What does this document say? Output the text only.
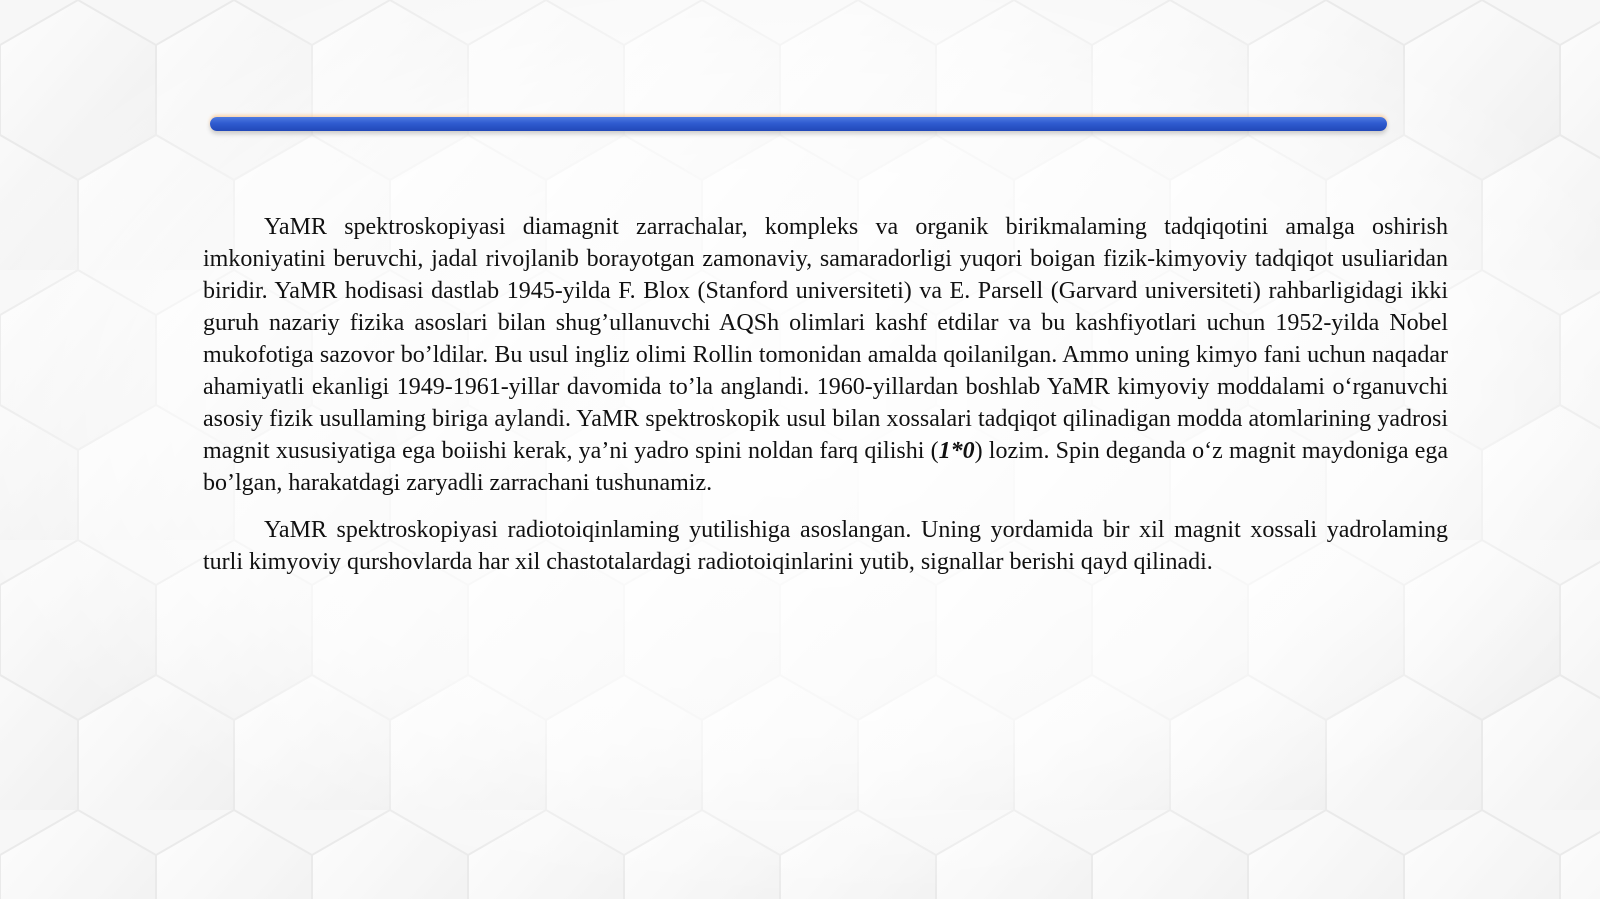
YaMR spektroskopiyasi diamagnit zarrachalar, kompleks va organik birikmalaming tadqiqotini amalga oshirish imkoniyatini beruvchi, jadal rivojlanib borayotgan zamonaviy, samaradorligi yuqori boigan fizik-kimyoviy tadqiqot usuliaridan biridir. YaMR hodisasi dastlab 1945-yilda F. Blox (Stanford universiteti) va E. Parsell (Garvard universiteti) rahbarligidagi ikki guruh nazariy fizika asoslari bilan shug’ullanuvchi AQSh olimlari kashf etdilar va bu kashfiyotlari uchun 1952-yilda Nobel mukofotiga sazovor bo’ldilar. Bu usul ingliz olimi Rollin tomonidan amalda qoilanilgan. Ammo uning kimyo fani uchun naqadar ahamiyatli ekanligi 1949-1961-yillar davomida to’la anglandi. 1960-yillardan boshlab YaMR kimyoviy moddalami o‘rganuvchi asosiy fizik usullaming biriga aylandi. YaMR spektroskopik usul bilan xossalari tadqiqot qilinadigan modda atomlarining yadrosi magnit xususiyatiga ega boiishi kerak, ya’ni yadro spini noldan farq qilishi (1*0) lozim. Spin deganda o‘z magnit maydoniga ega bo’lgan, harakatdagi zaryadli zarrachani tushunamiz.

YaMR spektroskopiyasi radiotoiqinlaming yutilishiga asoslangan. Uning yordamida bir xil magnit xossali yadrolaming turli kimyoviy qurshovlarda har xil chastotalardagi radiotoiqinlarini yutib, signallar berishi qayd qilinadi.
